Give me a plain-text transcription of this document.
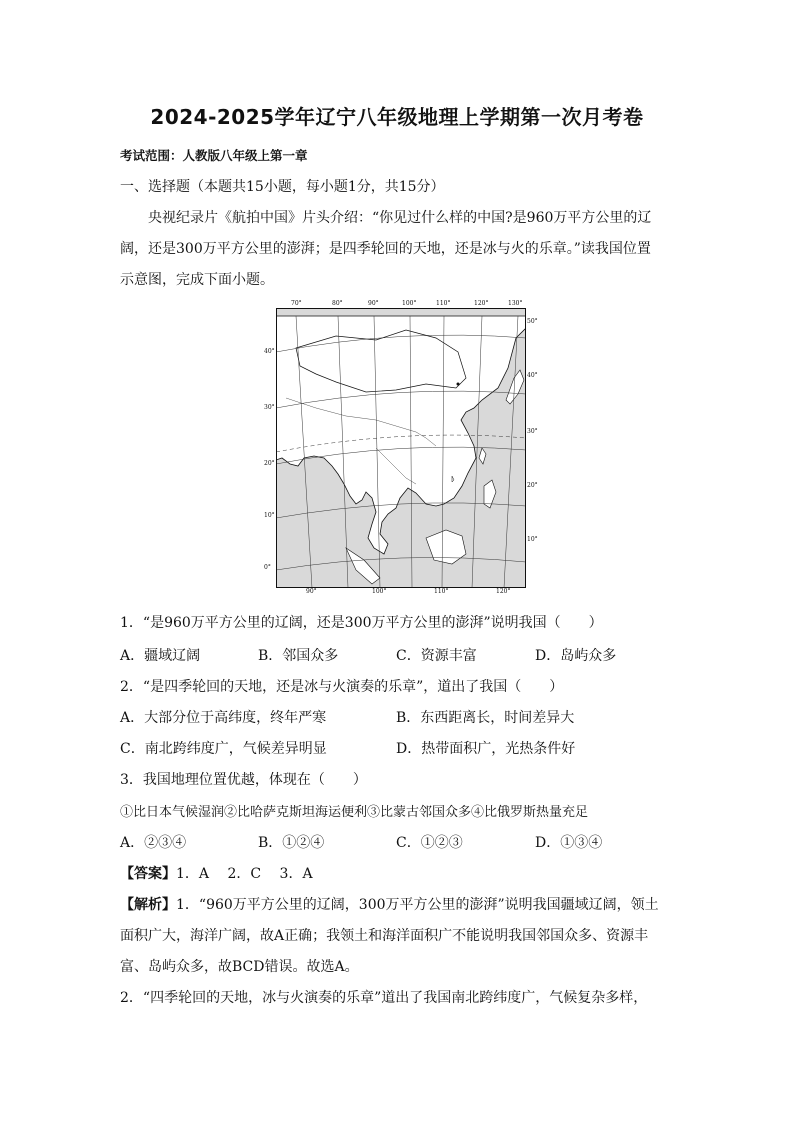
2024-2025学年辽宁八年级地理上学期第一次月考卷
考试范围：人教版八年级上第一章
一、选择题（本题共15小题，每小题1分，共15分）
央视纪录片《航拍中国》片头介绍：“你见过什么样的中国?是960万平方公里的辽
阔，还是300万平方公里的澎湃；是四季轮回的天地，还是冰与火的乐章。”读我国位置
示意图，完成下面小题。
70°	80°	90°	100°	110°	120°	130°
90°	100°	110°	120°
40°
30°
20°
10°
0°
50°
40°
30°
20°
10°
1．“是960万平方公里的辽阔，还是300万平方公里的澎湃”说明我国（　　）
A．疆域辽阔	B．邻国众多	C．资源丰富	D．岛屿众多
2．“是四季轮回的天地，还是冰与火演奏的乐章”，道出了我国（　　）
A．大部分位于高纬度，终年严寒	B．东西距离长，时间差异大
C．南北跨纬度广，气候差异明显	D．热带面积广，光热条件好
3．我国地理位置优越，体现在（　　）
①比日本气候湿润②比哈萨克斯坦海运便利③比蒙古邻国众多④比俄罗斯热量充足
A．②③④	B．①②④	C．①②③	D．①③④
【答案】1．A　 2．C　 3．A
【解析】1．“960万平方公里的辽阔，300万平方公里的澎湃”说明我国疆域辽阔，领土
面积广大，海洋广阔，故A正确；我领土和海洋面积广不能说明我国邻国众多、资源丰
富、岛屿众多，故BCD错误。故选A。
2．“四季轮回的天地，冰与火演奏的乐章”道出了我国南北跨纬度广，气候复杂多样，
